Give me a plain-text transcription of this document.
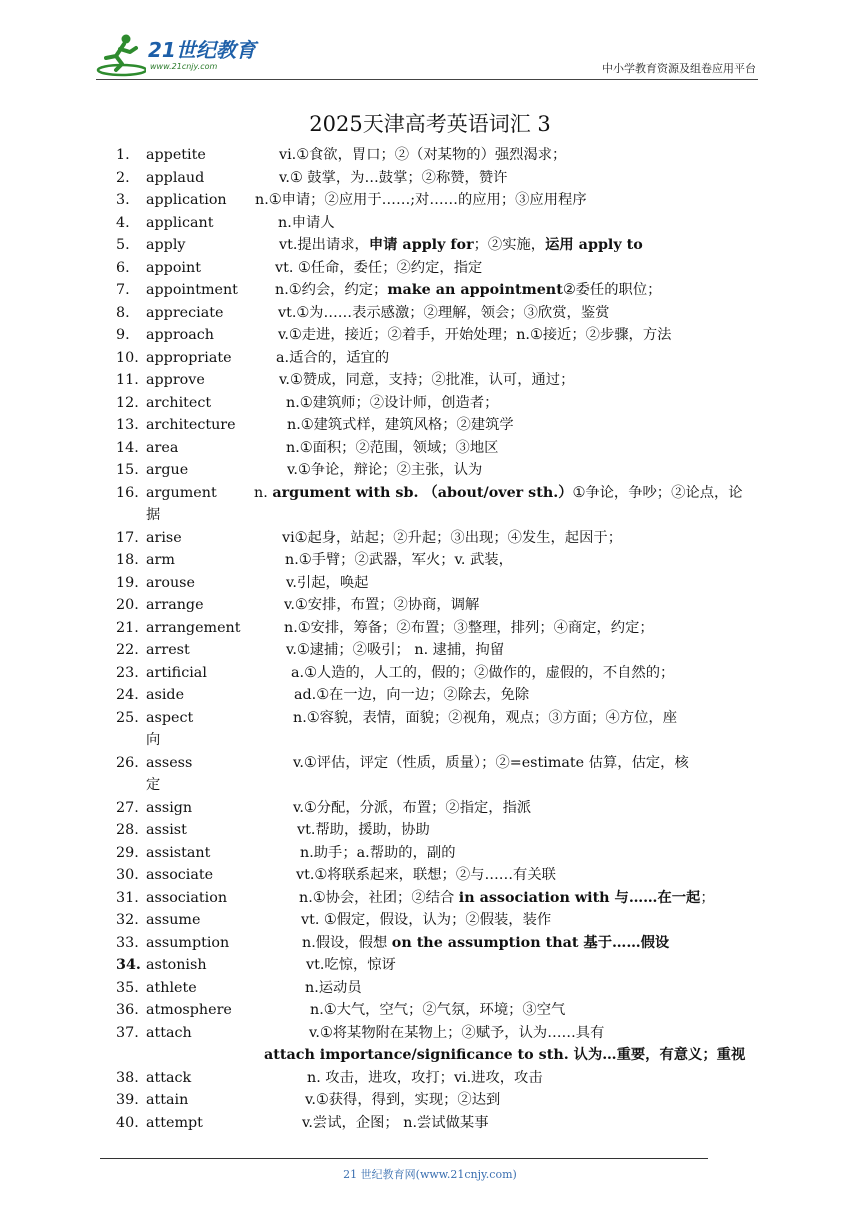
21世纪教育
www.21cnjy.com	中小学教育资源及组卷应用平台
2025天津高考英语词汇 3
1. appetite	vi.①食欲，胃口；②（对某物的）强烈渴求；
2. applaud	v.① 鼓掌，为…鼓掌；②称赞，赞许
3. application n.①申请；②应用于……;对……的应用；③应用程序
4. applicant	n.申请人
5. apply	vt.提出请求，申请 apply for；②实施，运用 apply to
6. appoint	vt. ①任命，委任；②约定，指定
7. appointment	n.①约会，约定；make an appointment②委任的职位；
8. appreciate	vt.①为……表示感激；②理解，领会；③欣赏，鉴赏
9. approach	v.①走进，接近；②着手，开始处理；n.①接近；②步骤，方法
10. appropriate	a.适合的，适宜的
11. approve	v.①赞成，同意，支持；②批准，认可，通过；
12. architect	n.①建筑师；②设计师，创造者；
13. architecture	n.①建筑式样，建筑风格；②建筑学
14. area	n.①面积；②范围，领域；③地区
15. argue	v.①争论，辩论；②主张，认为
16. argument	n. argument with sb. （about/over sth.）①争论，争吵；②论点，论
据
17. arise	vi①起身，站起；②升起；③出现；④发生，起因于；
18. arm	n.①手臂；②武器，军火；v. 武装，
19. arouse	v.引起，唤起
20. arrange	v.①安排，布置；②协商，调解
21. arrangement	n.①安排，筹备；②布置；③整理，排列；④商定，约定；
22. arrest	v.①逮捕；②吸引； n. 逮捕，拘留
23. artificial	a.①人造的，人工的，假的；②做作的，虚假的，不自然的；
24. aside	ad.①在一边，向一边；②除去，免除
25. aspect	n.①容貌，表情，面貌；②视角，观点；③方面；④方位，座
向
26. assess	v.①评估，评定（性质，质量）；②=estimate 估算，估定，核
定
27. assign	v.①分配，分派，布置；②指定，指派
28. assist	vt.帮助，援助，协助
29. assistant	n.助手；a.帮助的，副的
30. associate	vt.①将联系起来，联想；②与……有关联
31. association	n.①协会，社团；②结合 in association with 与……在一起；
32. assume	vt. ①假定，假设，认为；②假装，装作
33. assumption	n.假设，假想 on the assumption that 基于……假设
34. astonish	vt.吃惊，惊讶
35. athlete	n.运动员
36. atmosphere	n.①大气，空气；②气氛，环境；③空气
37. attach	v.①将某物附在某物上；②赋予，认为……具有
attach importance/significance to sth. 认为…重要，有意义；重视
38. attack	n. 攻击，进攻，攻打；vi.进攻，攻击
39. attain	v.①获得，得到，实现；②达到
40. attempt	v.尝试，企图； n.尝试做某事
21 世纪教育网(www.21cnjy.com)
